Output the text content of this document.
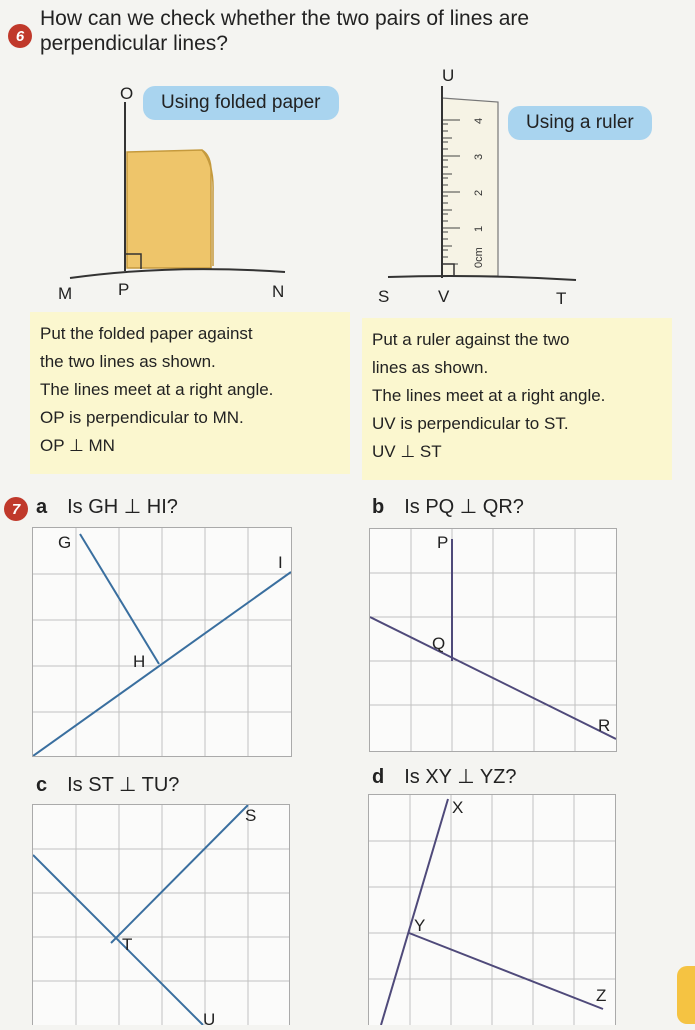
6
How can we check whether the two pairs of lines are perpendicular lines?
Using folded paper
O
M	P	N
Using a ruler
0cm
1
2
3
4
U
S	V	T
Put the folded paper against
the two lines as shown.
The lines meet at a right angle.
OP is perpendicular to MN.
OP ⊥ MN
Put a ruler against the two
lines as shown.
The lines meet at a right angle.
UV is perpendicular to ST.
UV ⊥ ST
7 a Is GH ⊥ HI?
G
H
I
b Is PQ ⊥ QR?
P
Q
R
c Is ST ⊥ TU?
S
T
U
d Is XY ⊥ YZ?
X
Y
Z
